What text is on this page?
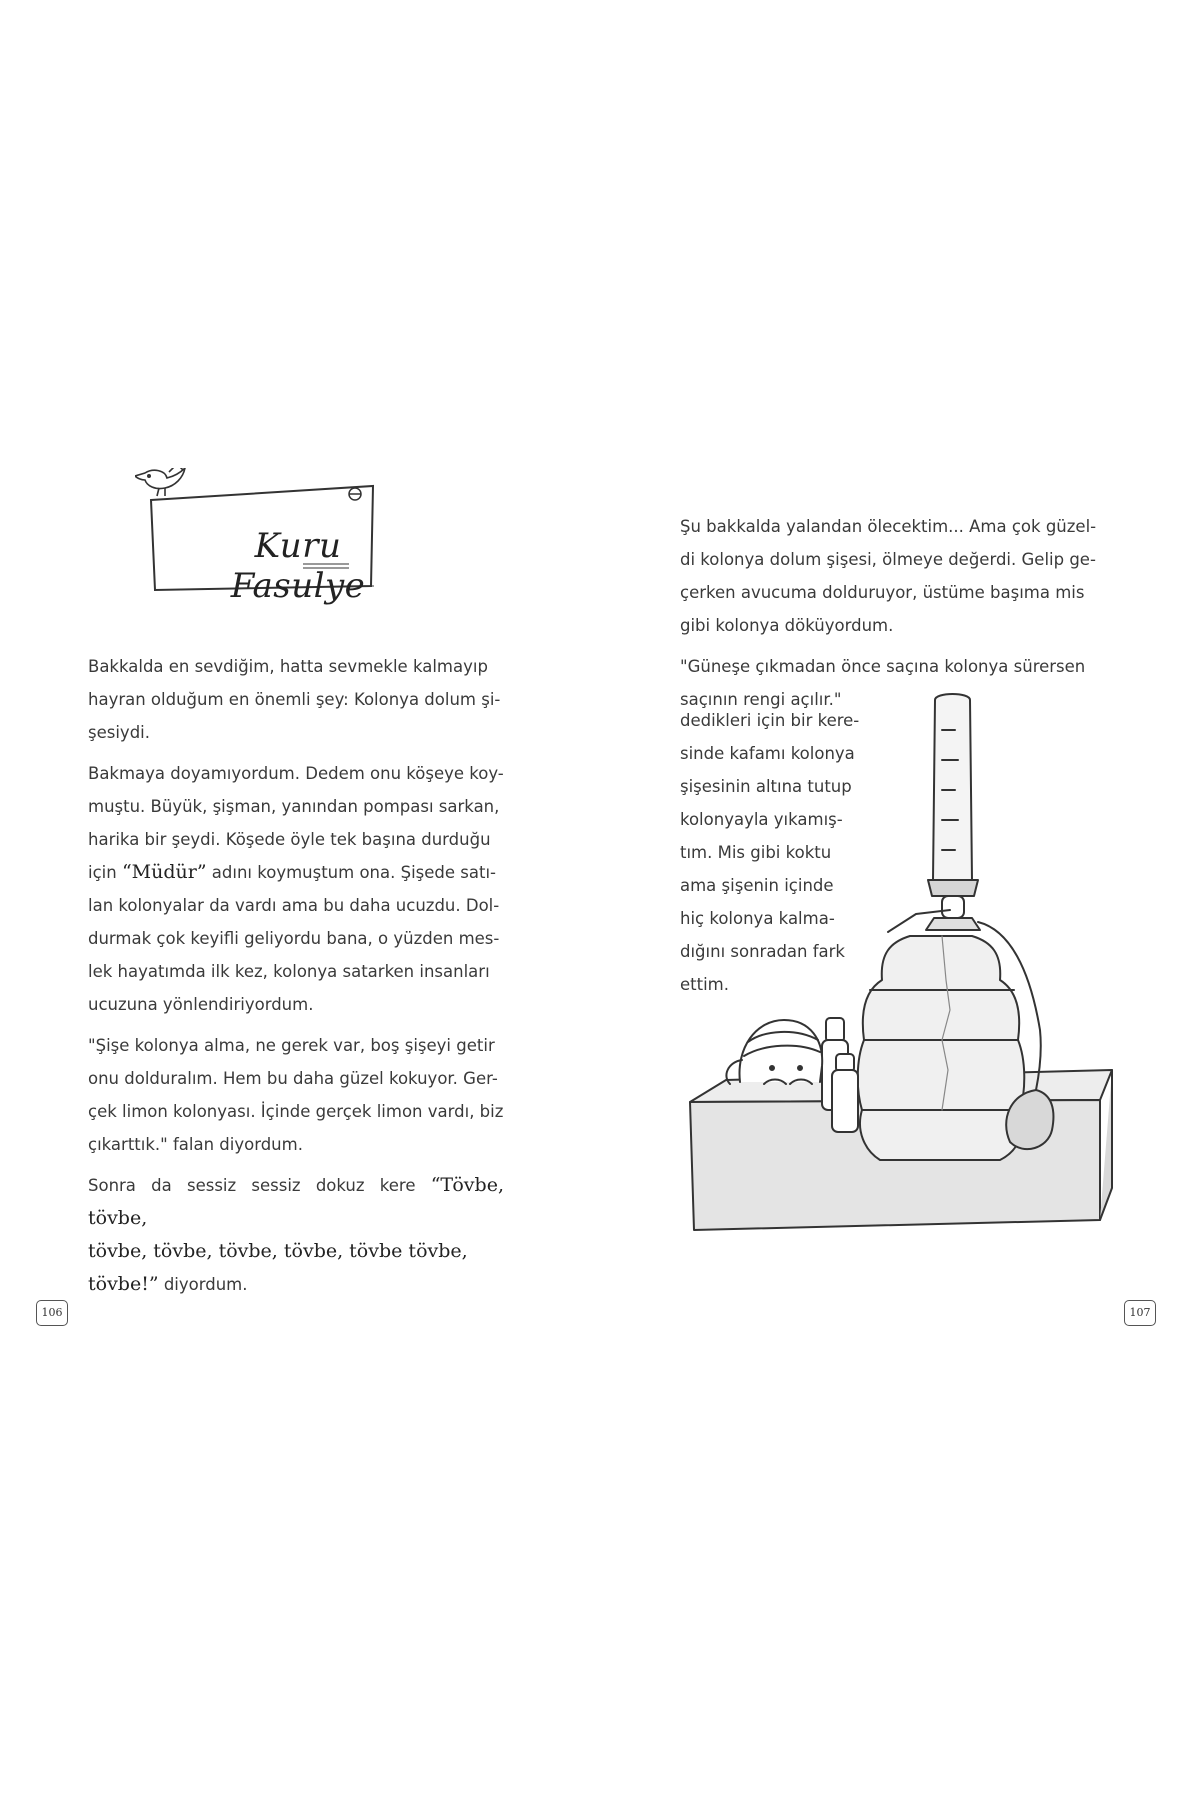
Kuru Fasulye

Bakkalda en sevdiğim, hatta sevmekle kalmayıp
hayran olduğum en önemli şey: Kolonya dolum şi-
şesiydi.

Bakmaya doyamıyordum. Dedem onu köşeye koy-
muştu. Büyük, şişman, yanından pompası sarkan,
harika bir şeydi. Köşede öyle tek başına durduğu
için “Müdür” adını koymuştum ona. Şişede satı-
lan kolonyalar da vardı ama bu daha ucuzdu. Dol-
durmak çok keyifli geliyordu bana, o yüzden mes-
lek hayatımda ilk kez, kolonya satarken insanları
ucuzuna yönlendiriyordum.

"Şişe kolonya alma, ne gerek var, boş şişeyi getir
onu dolduralım. Hem bu daha güzel kokuyor. Ger-
çek limon kolonyası. İçinde gerçek limon vardı, biz
çıkarttık." falan diyordum.

Sonra da sessiz sessiz dokuz kere “Tövbe, tövbe,
tövbe, tövbe, tövbe, tövbe, tövbe tövbe,
tövbe!” diyordum.

106

Şu bakkalda yalandan ölecektim... Ama çok güzel-
di kolonya dolum şişesi, ölmeye değerdi. Gelip ge-
çerken avucuma dolduruyor, üstüme başıma mis
gibi kolonya döküyordum.

"Güneşe çıkmadan önce saçına kolonya sürersen
saçının rengi açılır."

dedikleri için bir kere-
sinde kafamı kolonya
şişesinin altına tutup
kolonyayla yıkamış-
tım. Mis gibi koktu
ama şişenin içinde
hiç kolonya kalma-
dığını sonradan fark
ettim.
107
